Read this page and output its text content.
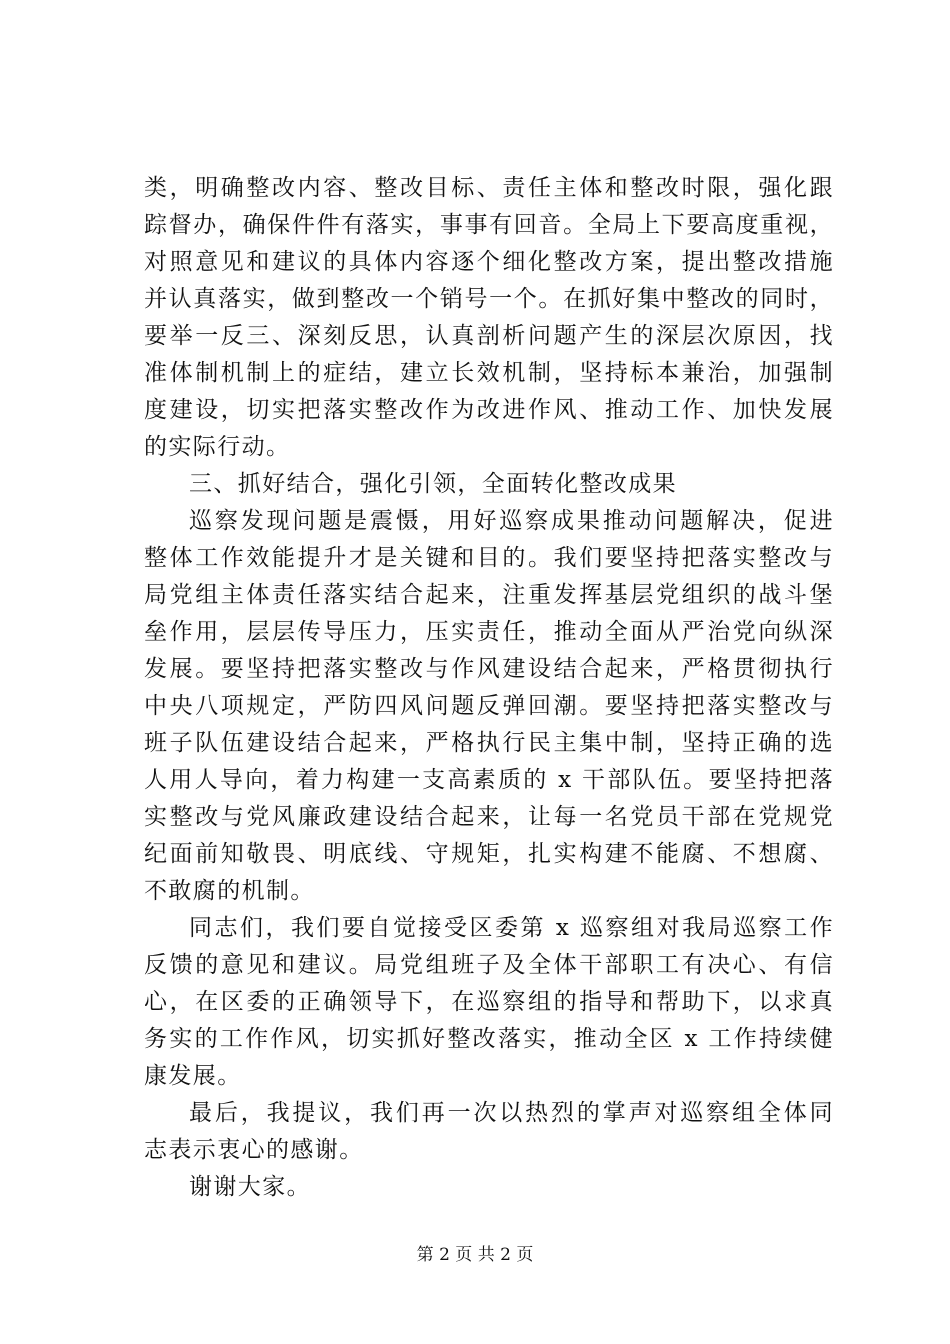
类，明确整改内容、整改目标、责任主体和整改时限，强化跟
踪督办，确保件件有落实，事事有回音。全局上下要高度重视，
对照意见和建议的具体内容逐个细化整改方案，提出整改措施
并认真落实，做到整改一个销号一个。在抓好集中整改的同时，
要举一反三、深刻反思，认真剖析问题产生的深层次原因，找
准体制机制上的症结，建立长效机制，坚持标本兼治，加强制
度建设，切实把落实整改作为改进作风、推动工作、加快发展
的实际行动。
三、抓好结合，强化引领，全面转化整改成果
巡察发现问题是震慑，用好巡察成果推动问题解决，促进
整体工作效能提升才是关键和目的。我们要坚持把落实整改与
局党组主体责任落实结合起来，注重发挥基层党组织的战斗堡
垒作用，层层传导压力，压实责任，推动全面从严治党向纵深
发展。要坚持把落实整改与作风建设结合起来，严格贯彻执行
中央八项规定，严防四风问题反弹回潮。要坚持把落实整改与
班子队伍建设结合起来，严格执行民主集中制，坚持正确的选
人用人导向，着力构建一支高素质的 x 干部队伍。要坚持把落
实整改与党风廉政建设结合起来，让每一名党员干部在党规党
纪面前知敬畏、明底线、守规矩，扎实构建不能腐、不想腐、
不敢腐的机制。
同志们，我们要自觉接受区委第 x 巡察组对我局巡察工作
反馈的意见和建议。局党组班子及全体干部职工有决心、有信
心，在区委的正确领导下，在巡察组的指导和帮助下，以求真
务实的工作作风，切实抓好整改落实，推动全区 x 工作持续健
康发展。
最后，我提议，我们再一次以热烈的掌声对巡察组全体同
志表示衷心的感谢。
谢谢大家。
第 2 页 共 2 页
